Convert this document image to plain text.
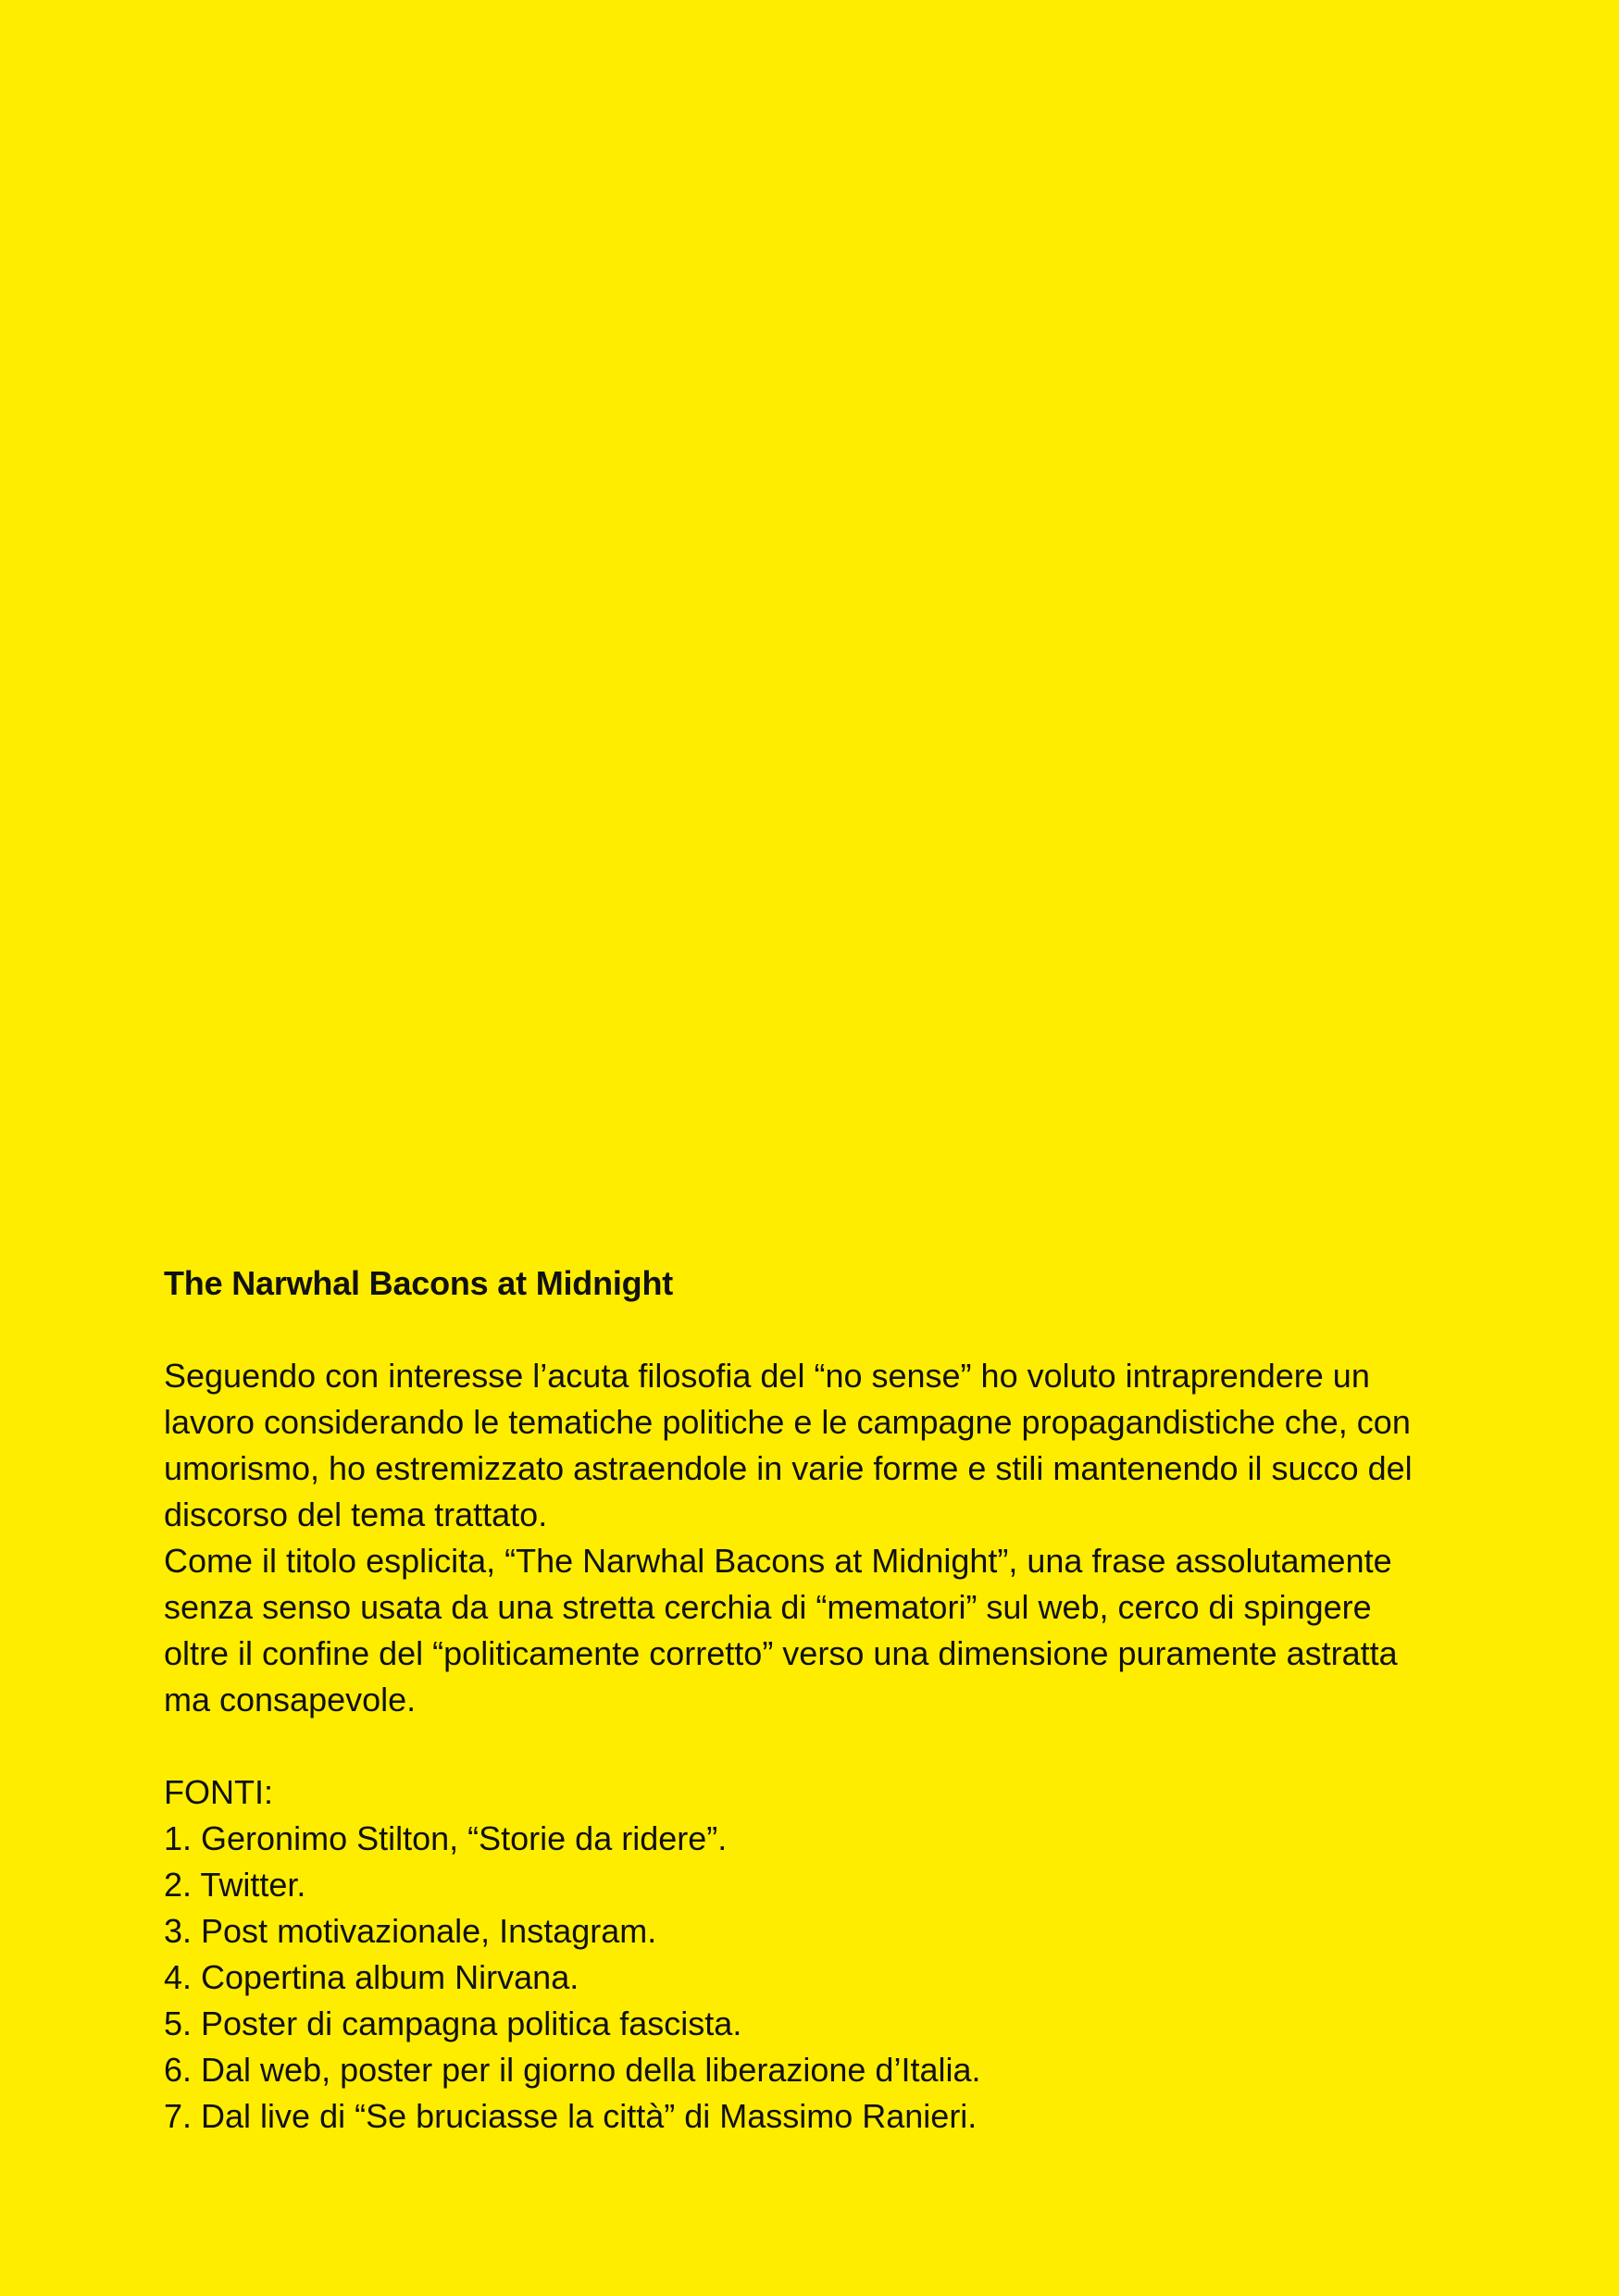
The Narwhal Bacons at Midnight

Seguendo con interesse l’acuta filosofia del “no sense” ho voluto intraprendere un
lavoro considerando le tematiche politiche e le campagne propagandistiche che, con
umorismo, ho estremizzato astraendole in varie forme e stili mantenendo il succo del
discorso del tema trattato.

Come il titolo esplicita, “The Narwhal Bacons at Midnight”, una frase assolutamente
senza senso usata da una stretta cerchia di “mematori” sul web, cerco di spingere
oltre il confine del “politicamente corretto” verso una dimensione puramente astratta
ma consapevole.

FONTI:

1. Geronimo Stilton, “Storie da ridere”.
2. Twitter.
3. Post motivazionale, Instagram.
4. Copertina album Nirvana.
5. Poster di campagna politica fascista.
6. Dal web, poster per il giorno della liberazione d’Italia.
7. Dal live di “Se bruciasse la città” di Massimo Ranieri.
